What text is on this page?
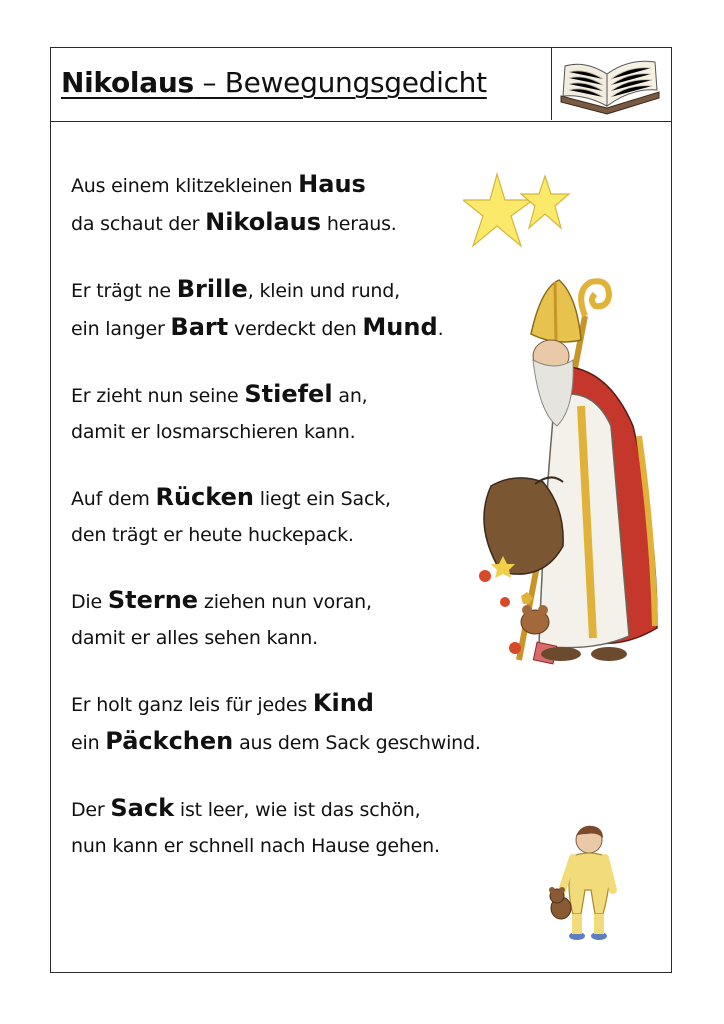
Nikolaus – Bewegungsgedicht
Aus einem klitzekleinen Haus
da schaut der Nikolaus heraus.
Er trägt ne Brille, klein und rund,
ein langer Bart verdeckt den Mund.
Er zieht nun seine Stiefel an,
damit er losmarschieren kann.
Auf dem Rücken liegt ein Sack,
den trägt er heute huckepack.
Die Sterne ziehen nun voran,
damit er alles sehen kann.
Er holt ganz leis für jedes Kind
ein Päckchen aus dem Sack geschwind.
Der Sack ist leer, wie ist das schön,
nun kann er schnell nach Hause gehen.
